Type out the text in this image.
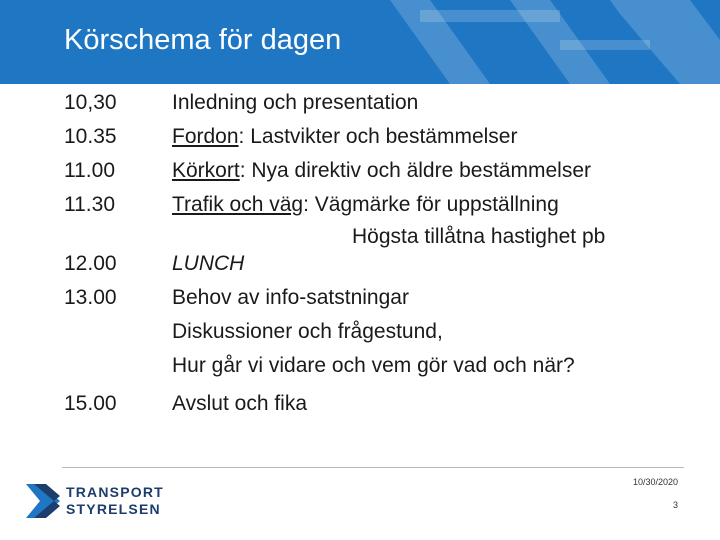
Körschema för dagen
10,30
10.35
11.00
11.30
12.00
13.00
15.00
Inledning och presentation
Fordon: Lastvikter och bestämmelser
Körkort: Nya direktiv och äldre bestämmelser
Trafik och väg: Vägmärke för uppställning
Högsta tillåtna hastighet pb
LUNCH
Behov av info-satstningar
Diskussioner och frågestund,
Hur går vi vidare och vem gör vad och när?
Avslut och fika
TRANSPORT
STYRELSEN
10/30/2020
3
